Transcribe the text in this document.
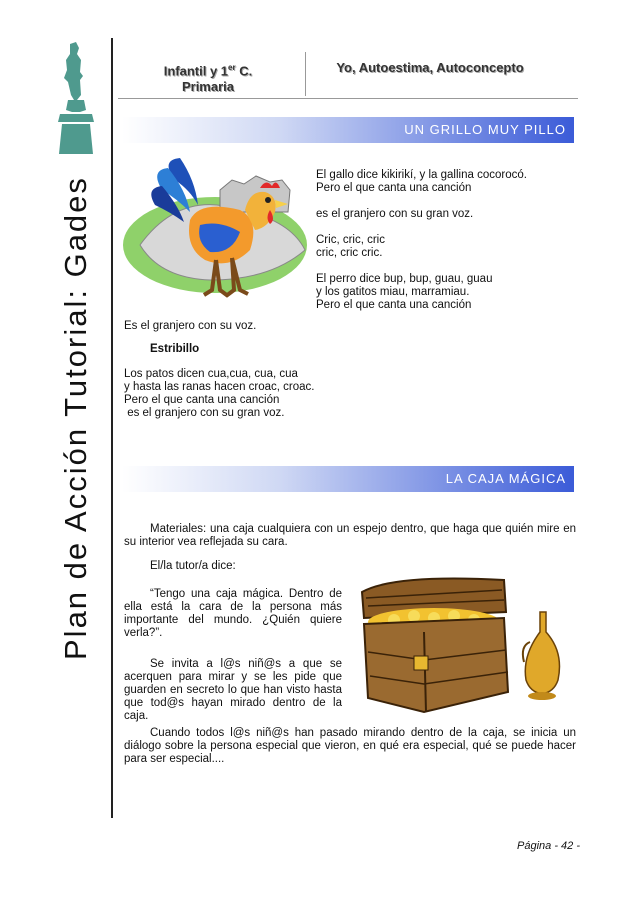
Plan de Acción Tutorial: Gades
Infantil y 1er C.
Primaria
Yo, Autoestima, Autoconcepto
UN GRILLO MUY PILLO

El gallo dice kikirikí, y la gallina cocorocó.

Pero el que canta una canción

es el granjero con su gran voz.

Cric, cric, cric

cric, cric cric.

El perro dice bup, bup, guau, guau

y los gatitos miau, marramiau.

Pero el que canta una canción

Es el granjero con su voz.

Estribillo

Los patos dicen cua,cua, cua, cua

y hasta las ranas hacen croac, croac.

Pero el que canta una canción

es el granjero con su gran voz.

LA CAJA MÁGICA

Materiales: una caja cualquiera con un espejo dentro, que haga que quién mire en su interior vea reflejada su cara.

El/la tutor/a dice:

“Tengo una caja mágica. Dentro de ella está la cara de la persona más importante del mundo. ¿Quién quiere verla?”.

Se invita a l@s niñ@s a que se acerquen para mirar y se les pide que guarden en secreto lo que han visto hasta que tod@s hayan mirado dentro de la caja.

Cuando todos l@s niñ@s han pasado mirando dentro de la caja, se inicia un diálogo sobre la persona especial que vieron, en qué era especial, qué se puede hacer para ser especial....

Página - 42 -
